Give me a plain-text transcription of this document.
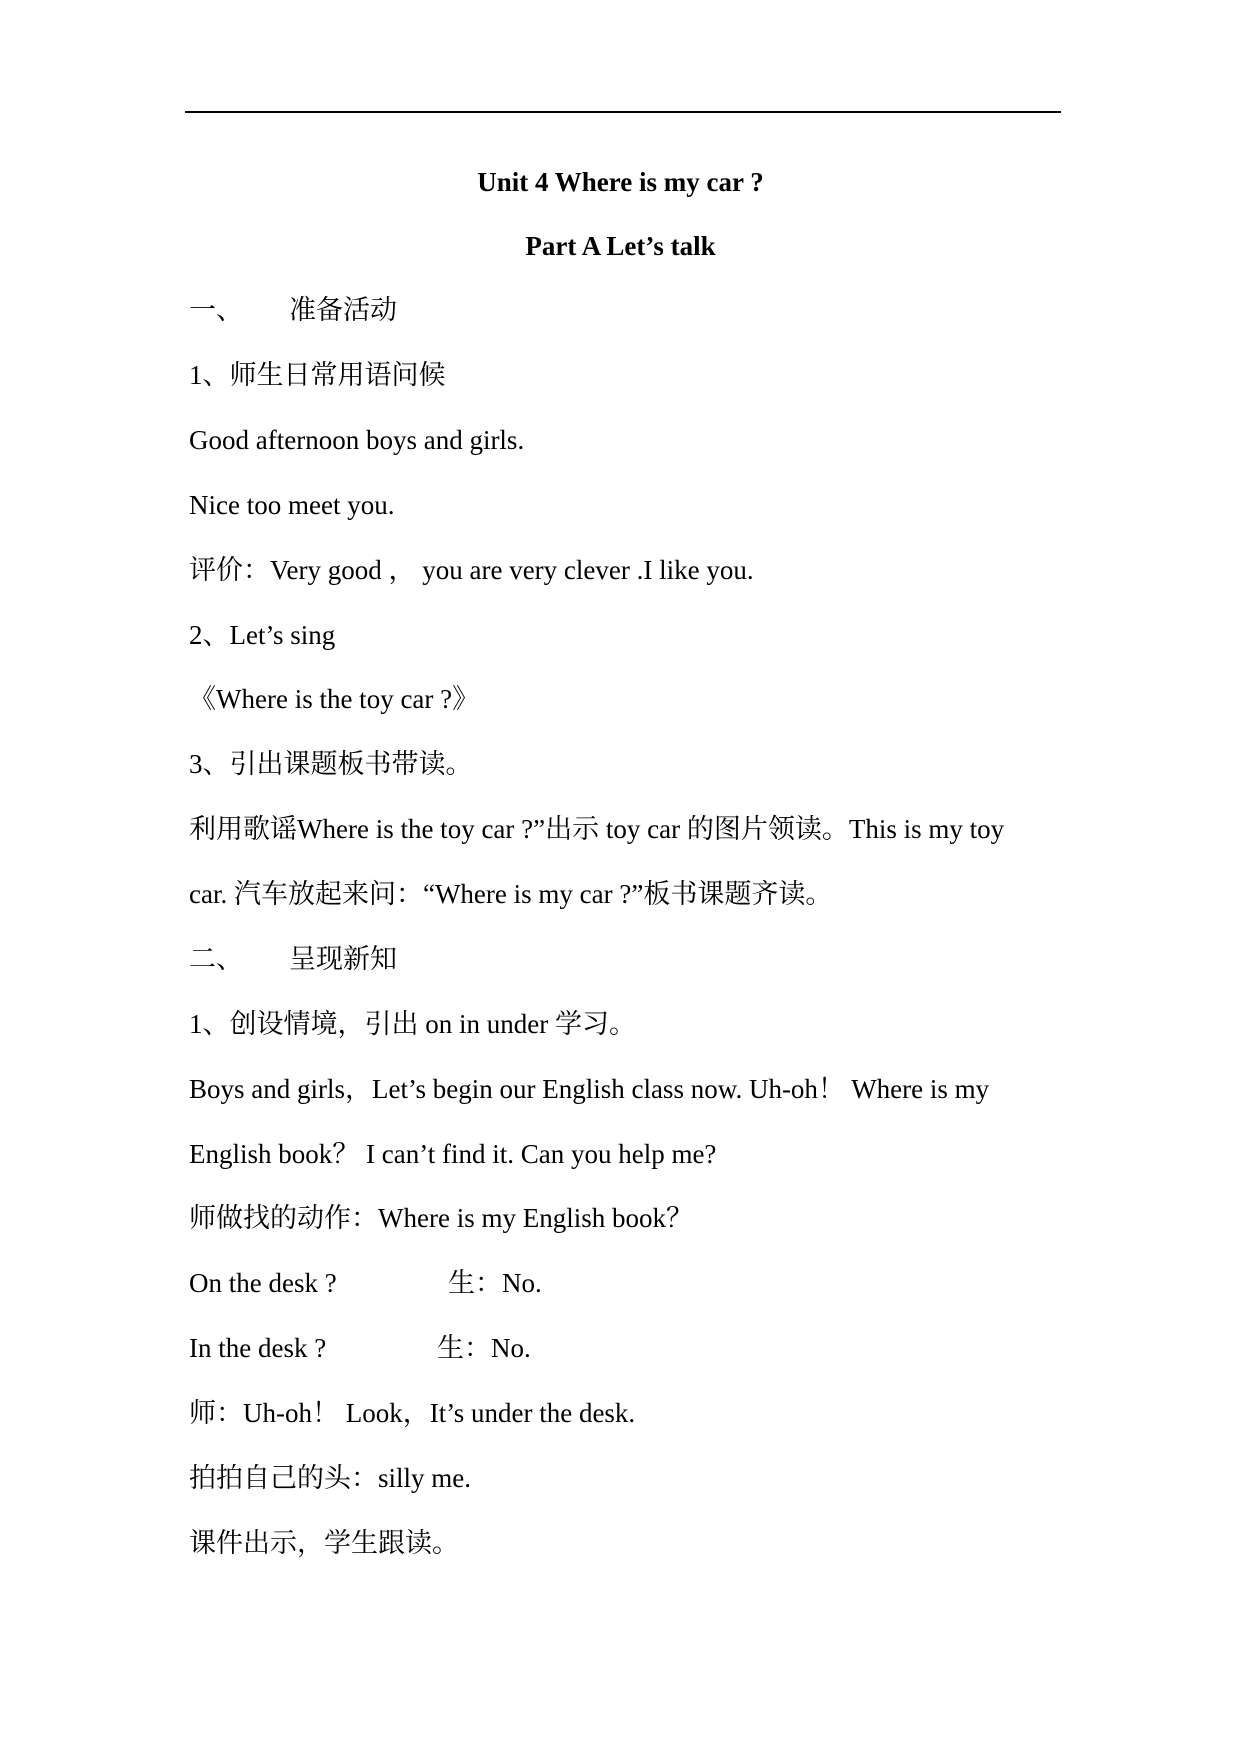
Unit 4 Where is my car ?
Part A Let’s talk
一、 准备活动
1、师生日常用语问候
Good afternoon boys and girls.
Nice too meet you.
评价：Very good ， you are very clever .I like you.
2、Let’s sing
《Where is the toy car ?》
3、引出课题板书带读。
利用歌谣Where is the toy car ?”出示 toy car 的图片领读。This is my toy
car. 汽车放起来问：“Where is my car ?”板书课题齐读。
二、 呈现新知
1、创设情境，引出 on in under 学习。
Boys and girls，Let’s begin our English class now. Uh-oh！ Where is my
English book？ I can’t find it. Can you help me?
师做找的动作：Where is my English book？
On the desk ?	生：No.
In the desk ?	生：No.
师：Uh-oh！ Look，It’s under the desk.
拍拍自己的头：silly me.
课件出示，学生跟读。
